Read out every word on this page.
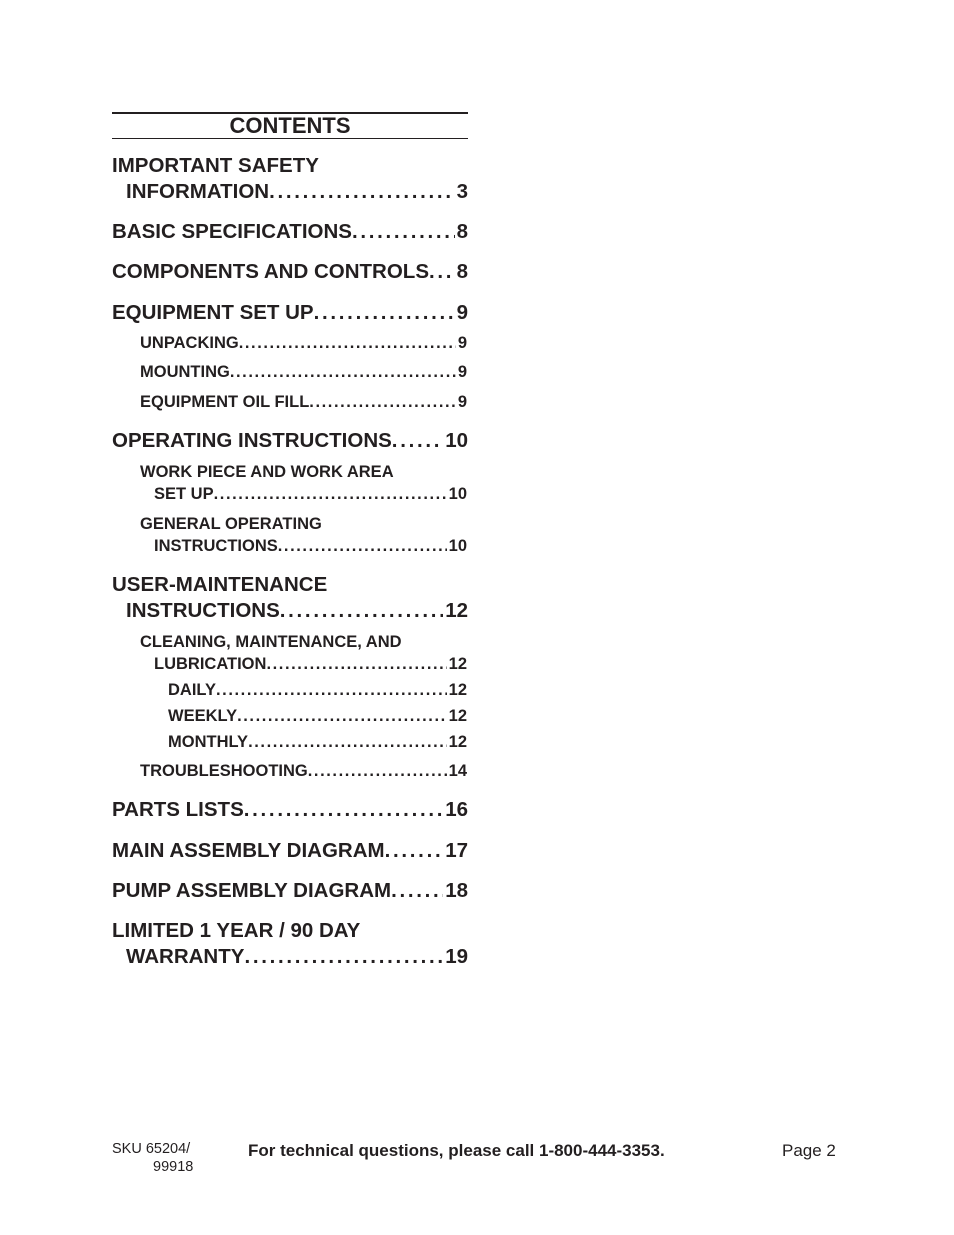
CONTENTS
IMPORTANT SAFETY
INFORMATION . . .	3
BASIC SPECIFICATIONS . . .	8
COMPONENTS AND CONTROLS . . . 8
EQUIPMENT SET UP . . .	9
UNPACKING . . .	9
MOUNTING . . .	9
EQUIPMENT OIL FILL . . .	9
OPERATING INSTRUCTIONS . . .	10
WORK PIECE AND WORK AREA
SET UP . . .	10
GENERAL OPERATING
INSTRUCTIONS . . .	10
USER-MAINTENANCE
INSTRUCTIONS . . .	12
CLEANING, MAINTENANCE, AND
LUBRICATION . . .	12
DAILY . . .	12
WEEKLY . . .	12
MONTHLY . . .	12
TROUBLESHOOTING . . .	14
PARTS LISTS . . .	16
MAIN ASSEMBLY DIAGRAM . . .	17
PUMP ASSEMBLY DIAGRAM . . .	18
LIMITED 1 YEAR / 90 DAY
WARRANTY . . .	19
SKU 65204/
99918
For technical questions, please call 1-800-444-3353.	Page 2
